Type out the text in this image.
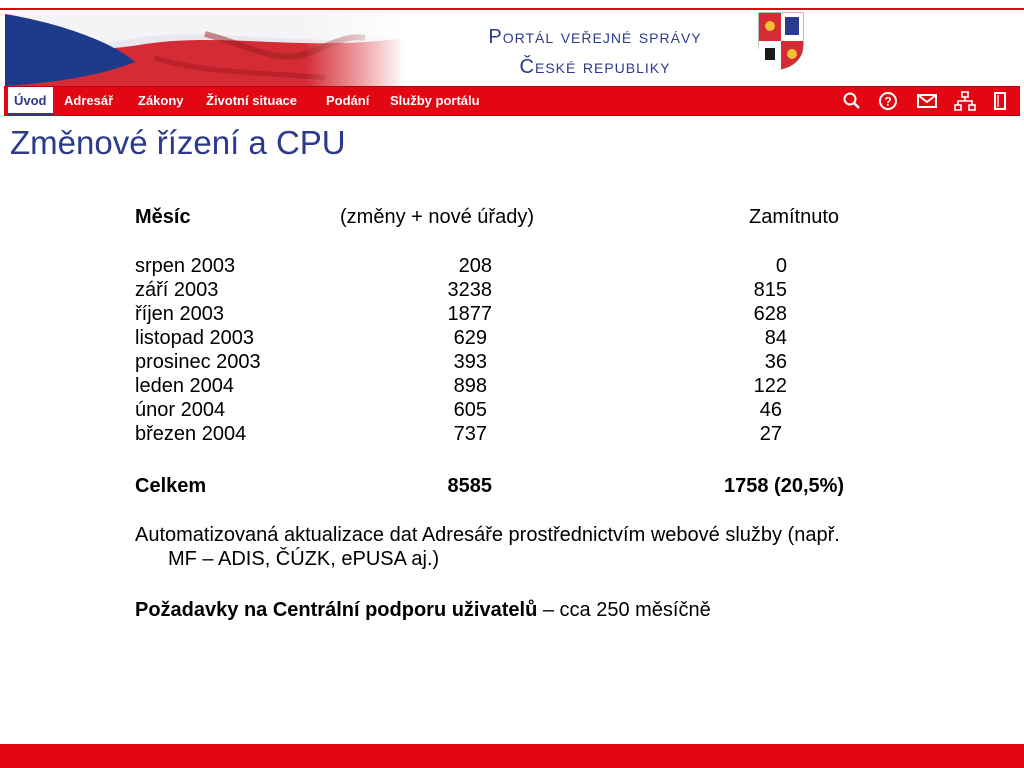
Portál veřejné správy
České republiky
Úvod	Adresář Zákony Životní situace Podání Služby portálu	?
Změnové řízení a CPU
Měsíc	(změny + nové úřady)	Zamítnuto
srpen 2003	208	0
září 2003	3238	815
říjen 2003	1877	628
listopad 2003	629	84
prosinec 2003	393	36
leden 2004	898	122
únor 2004	605	46
březen 2004	737	27
Celkem	8585	1758 (20,5%)
Automatizovaná aktualizace dat Adresáře prostřednictvím webové služby (např.
MF – ADIS, ČÚZK, ePUSA aj.)
Požadavky na Centrální podporu uživatelů – cca 250 měsíčně
